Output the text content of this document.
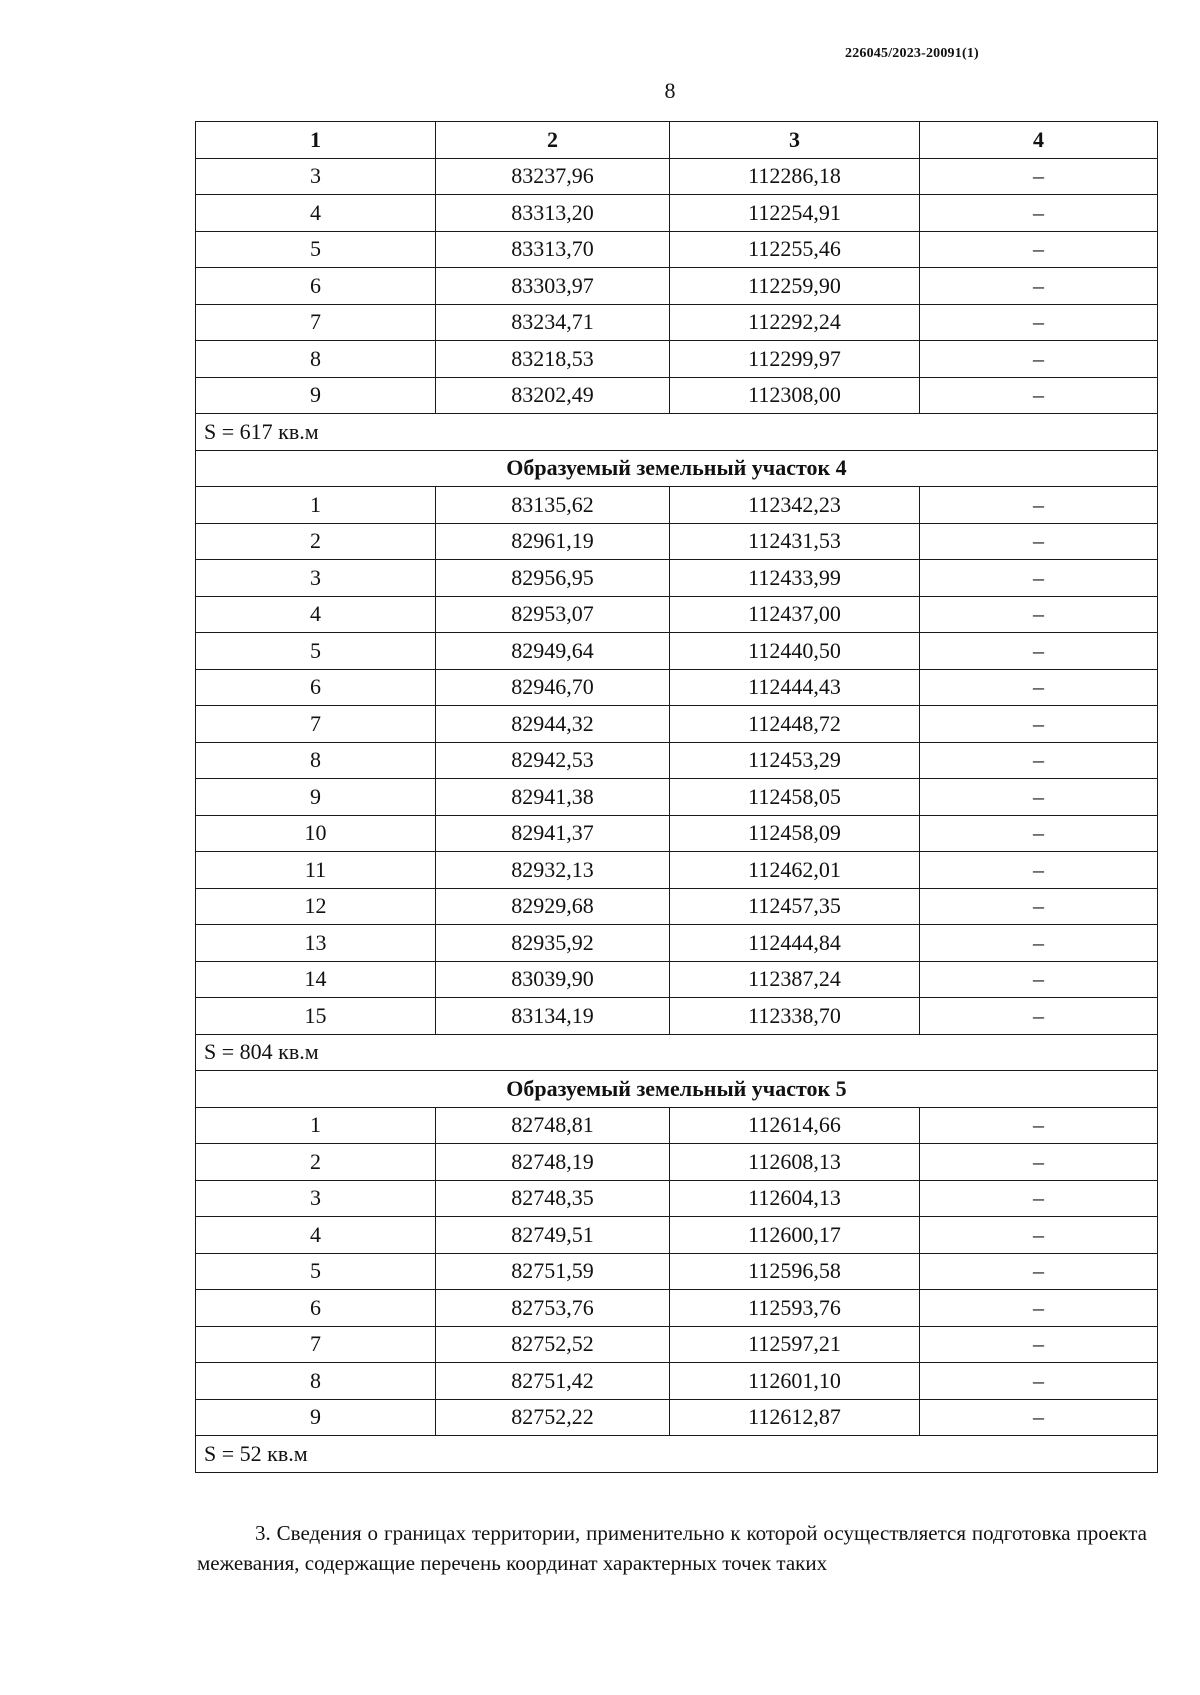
226045/2023-20091(1)
8
1	2	3	4
3	83237,96	112286,18	–
4	83313,20	112254,91	–
5	83313,70	112255,46	–
6	83303,97	112259,90	–
7	83234,71	112292,24	–
8	83218,53	112299,97	–
9	83202,49	112308,00	–
S = 617 кв.м			
Образуемый земельный участок 4			
1	83135,62	112342,23	–
2	82961,19	112431,53	–
3	82956,95	112433,99	–
4	82953,07	112437,00	–
5	82949,64	112440,50	–
6	82946,70	112444,43	–
7	82944,32	112448,72	–
8	82942,53	112453,29	–
9	82941,38	112458,05	–
10	82941,37	112458,09	–
11	82932,13	112462,01	–
12	82929,68	112457,35	–
13	82935,92	112444,84	–
14	83039,90	112387,24	–
15	83134,19	112338,70	–
S = 804 кв.м			
Образуемый земельный участок 5			
1	82748,81	112614,66	–
2	82748,19	112608,13	–
3	82748,35	112604,13	–
4	82749,51	112600,17	–
5	82751,59	112596,58	–
6	82753,76	112593,76	–
7	82752,52	112597,21	–
8	82751,42	112601,10	–
9	82752,22	112612,87	–
S = 52 кв.м			
3. Сведения о границах территории, применительно к которой осуществляется подготовка проекта межевания, содержащие перечень координат характерных точек таких
